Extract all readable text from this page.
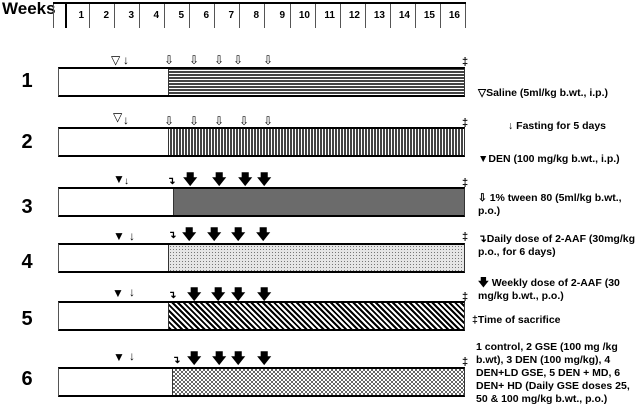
Weeks	1	2	3	4	5	6	7	8	9	10	11	12	13	14	15	16
1
▽ ↓	⇩ ⇩ ⇩ ⇩ ⇩	‡
2
▽ ↓	⇩ ⇩ ⇩ ⇩ ⇩	‡
3
▼ ↓	↴ 🡇 🡇 🡇 🡇	‡
4
▼ ↓	↴ 🡇 🡇 🡇 🡇	‡
5
▼ ↓	↴ 🡇 🡇 🡇 🡇	‡
6
▼ ↓	↴ 🡇 🡇 🡇 🡇	‡
▽Saline (5ml/kg b.wt., i.p.)
↓ Fasting for 5 days
▼DEN (100 mg/kg b.wt., i.p.)
⇩ 1% tween 80 (5ml/kg b.wt., p.o.)
↴Daily dose of 2-AAF (30mg/kg p.o., for 6 days)
🡇 Weekly dose of 2-AAF (30 mg/kg b.wt., p.o.)
‡Time of sacrifice
1 control, 2 GSE (100 mg /kg b.wt), 3 DEN (100 mg/kg), 4 DEN+LD GSE, 5 DEN + MD, 6 DEN+ HD (Daily GSE doses 25, 50 & 100 mg/kg b.wt., p.o.)
